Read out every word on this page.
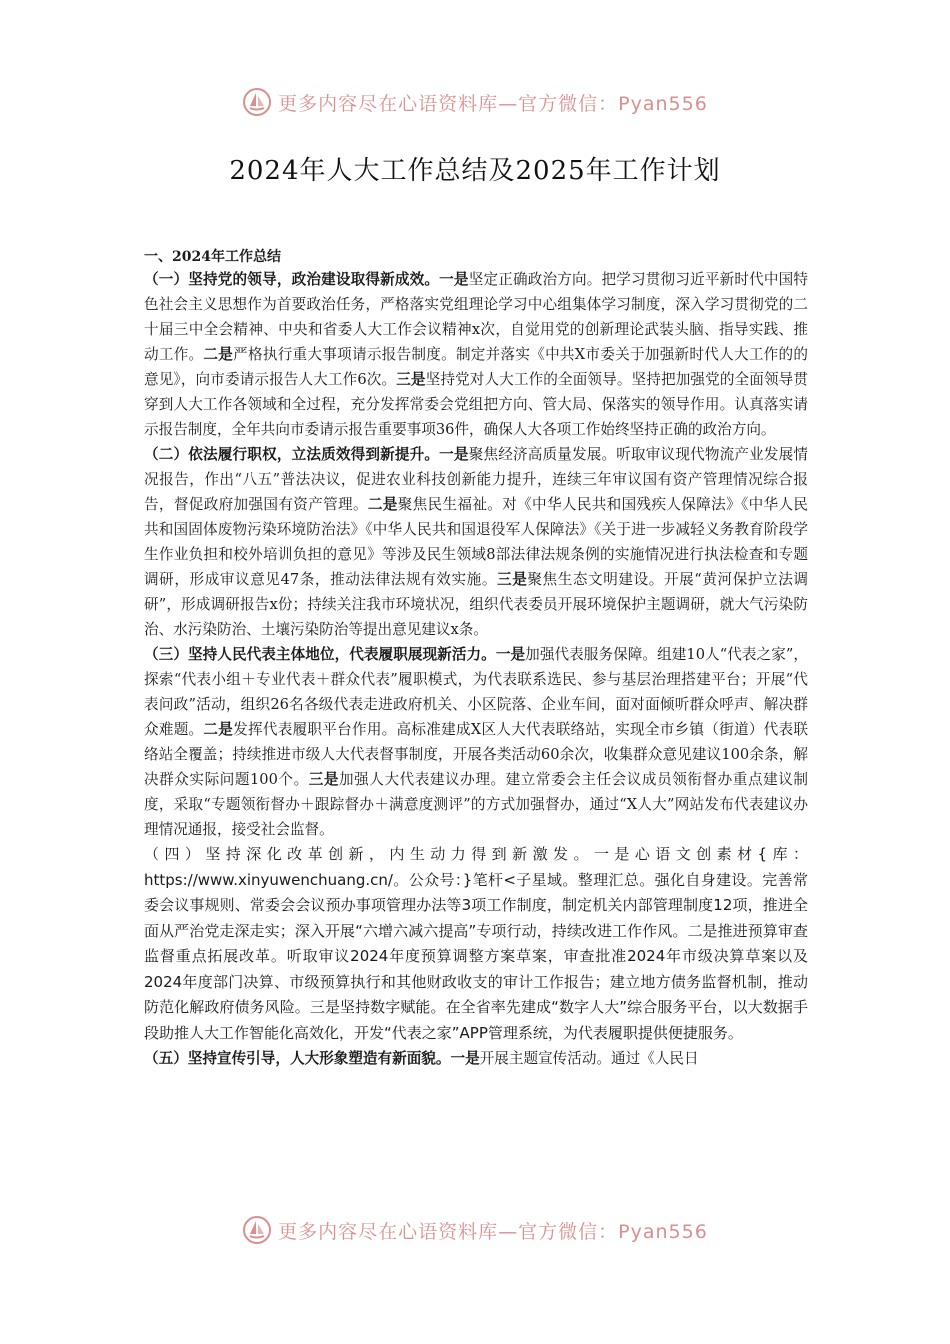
更多内容尽在心语资料库—官方微信：Pyan556
2024年人大工作总结及2025年工作计划

一、2024年工作总结

（一）坚持党的领导，政治建设取得新成效。一是坚定正确政治方向。把学习贯彻习近平新时代中国特色社会主义思想作为首要政治任务，严格落实党组理论学习中心组集体学习制度，深入学习贯彻党的二十届三中全会精神、中央和省委人大工作会议精神x次，自觉用党的创新理论武装头脑、指导实践、推动工作。二是严格执行重大事项请示报告制度。制定并落实《中共X市委关于加强新时代人大工作的的意见》，向市委请示报告人大工作6次。三是坚持党对人大工作的全面领导。坚持把加强党的全面领导贯穿到人大工作各领域和全过程，充分发挥常委会党组把方向、管大局、保落实的领导作用。认真落实请示报告制度，全年共向市委请示报告重要事项36件，确保人大各项工作始终坚持正确的政治方向。

（二）依法履行职权，立法质效得到新提升。一是聚焦经济高质量发展。听取审议现代物流产业发展情况报告，作出“八五”普法决议，促进农业科技创新能力提升，连续三年审议国有资产管理情况综合报告，督促政府加强国有资产管理。二是聚焦民生福祉。对《中华人民共和国残疾人保障法》《中华人民共和国固体废物污染环境防治法》《中华人民共和国退役军人保障法》《关于进一步减轻义务教育阶段学生作业负担和校外培训负担的意见》等涉及民生领域8部法律法规条例的实施情况进行执法检查和专题调研，形成审议意见47条，推动法律法规有效实施。三是聚焦生态文明建设。开展“黄河保护立法调研”，形成调研报告x份；持续关注我市环境状况，组织代表委员开展环境保护主题调研，就大气污染防治、水污染防治、土壤污染防治等提出意见建议x条。

（三）坚持人民代表主体地位，代表履职展现新活力。一是加强代表服务保障。组建10人“代表之家”，探索“代表小组＋专业代表＋群众代表”履职模式，为代表联系选民、参与基层治理搭建平台；开展“代表问政”活动，组织26名各级代表走进政府机关、小区院落、企业车间，面对面倾听群众呼声、解决群众难题。二是发挥代表履职平台作用。高标准建成X区人大代表联络站，实现全市乡镇（街道）代表联络站全覆盖；持续推进市级人大代表督事制度，开展各类活动60余次，收集群众意见建议100余条，解决群众实际问题100个。三是加强人大代表建议办理。建立常委会主任会议成员领衔督办重点建议制度，采取“专题领衔督办＋跟踪督办＋满意度测评”的方式加强督办，通过“X人大”网站发布代表建议办理情况通报，接受社会监督。

（四）坚持深化改革创新，内生动力得到新激发。一是心语文创素材{库：https://www.xinyuwenchuang.cn/。公众号：}笔杆<子星域。整理汇总。强化自身建设。完善常委会议事规则、常委会会议预办事项管理办法等3项工作制度，制定机关内部管理制度12项，推进全面从严治党走深走实；深入开展“六增六减六提高”专项行动，持续改进工作作风。二是推进预算审查监督重点拓展改革。听取审议2024年度预算调整方案草案，审查批准2024年市级决算草案以及2024年度部门决算、市级预算执行和其他财政收支的审计工作报告；建立地方债务监督机制，推动防范化解政府债务风险。三是坚持数字赋能。在全省率先建成“数字人大”综合服务平台，以大数据手段助推人大工作智能化高效化，开发“代表之家”APP管理系统，为代表履职提供便捷服务。

（五）坚持宣传引导，人大形象塑造有新面貌。一是开展主题宣传活动。通过《人民日

更多内容尽在心语资料库—官方微信：Pyan556
